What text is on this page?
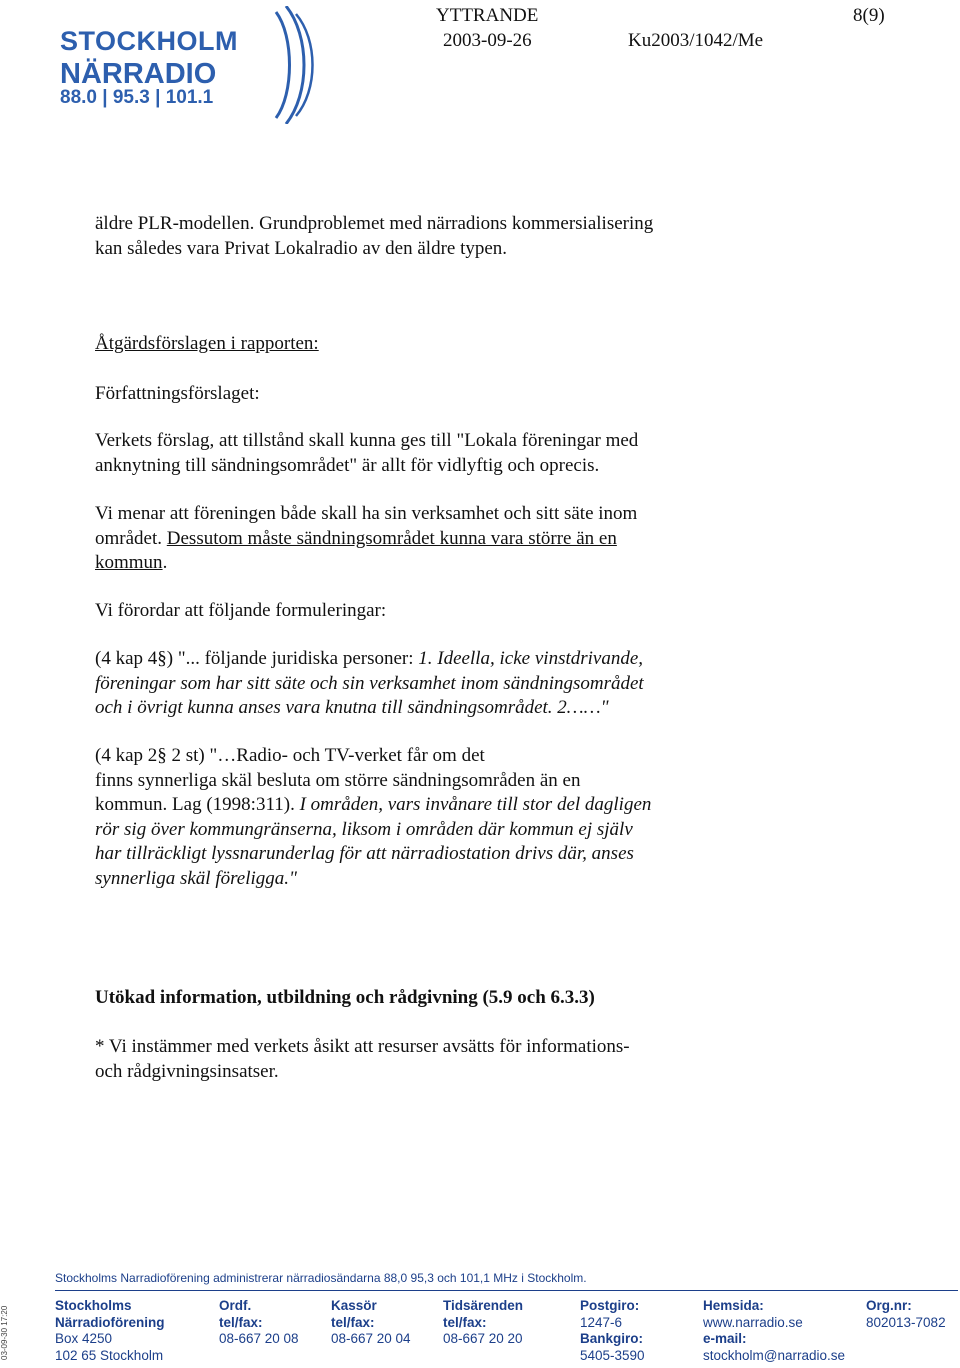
STOCKHOLM
NÄRRADIO
88.0 | 95.3 | 101.1
YTTRANDE	8(9)
2003-09-26	Ku2003/1042/Me
äldre PLR-modellen. Grundproblemet med närradions kommersialisering
kan således vara Privat Lokalradio av den äldre typen.
Åtgärdsförslagen i rapporten:
Författningsförslaget:
Verkets förslag, att tillstånd skall kunna ges till "Lokala föreningar med
anknytning till sändningsområdet" är allt för vidlyftig och oprecis.
Vi menar att föreningen både skall ha sin verksamhet och sitt säte inom
området. Dessutom måste sändningsområdet kunna vara större än en
kommun.
Vi förordar att följande formuleringar:
(4 kap 4§) "... följande juridiska personer: 1. Ideella, icke vinstdrivande,
föreningar som har sitt säte och sin verksamhet inom sändningsområdet
och i övrigt kunna anses vara knutna till sändningsområdet. 2……"
(4 kap 2§ 2 st) "…Radio- och TV-verket får om det
finns synnerliga skäl besluta om större sändningsområden än en
kommun. Lag (1998:311). I områden, vars invånare till stor del dagligen
rör sig över kommungränserna, liksom i områden där kommun ej själv
har tillräckligt lyssnarunderlag för att närradiostation drivs där, anses
synnerliga skäl föreligga."
Utökad information, utbildning och rådgivning (5.9 och 6.3.3)
* Vi instämmer med verkets åsikt att resurser avsätts för informations-
och rådgivningsinsatser.
03-09-30 17:20
Stockholms Narradioförening administrerar närradiosändarna 88,0 95,3 och 101,1 MHz i Stockholm.
Stockholms
Närradioförening
Box 4250
102 65 Stockholm
Ordf.
tel/fax:
08-667 20 08
Kassör
tel/fax:
08-667 20 04
Tidsärenden
tel/fax:
08-667 20 20
Postgiro:
1247-6
Bankgiro:
5405-3590
Hemsida:
www.narradio.se
e-mail:
stockholm@narradio.se
Org.nr:
802013-7082
